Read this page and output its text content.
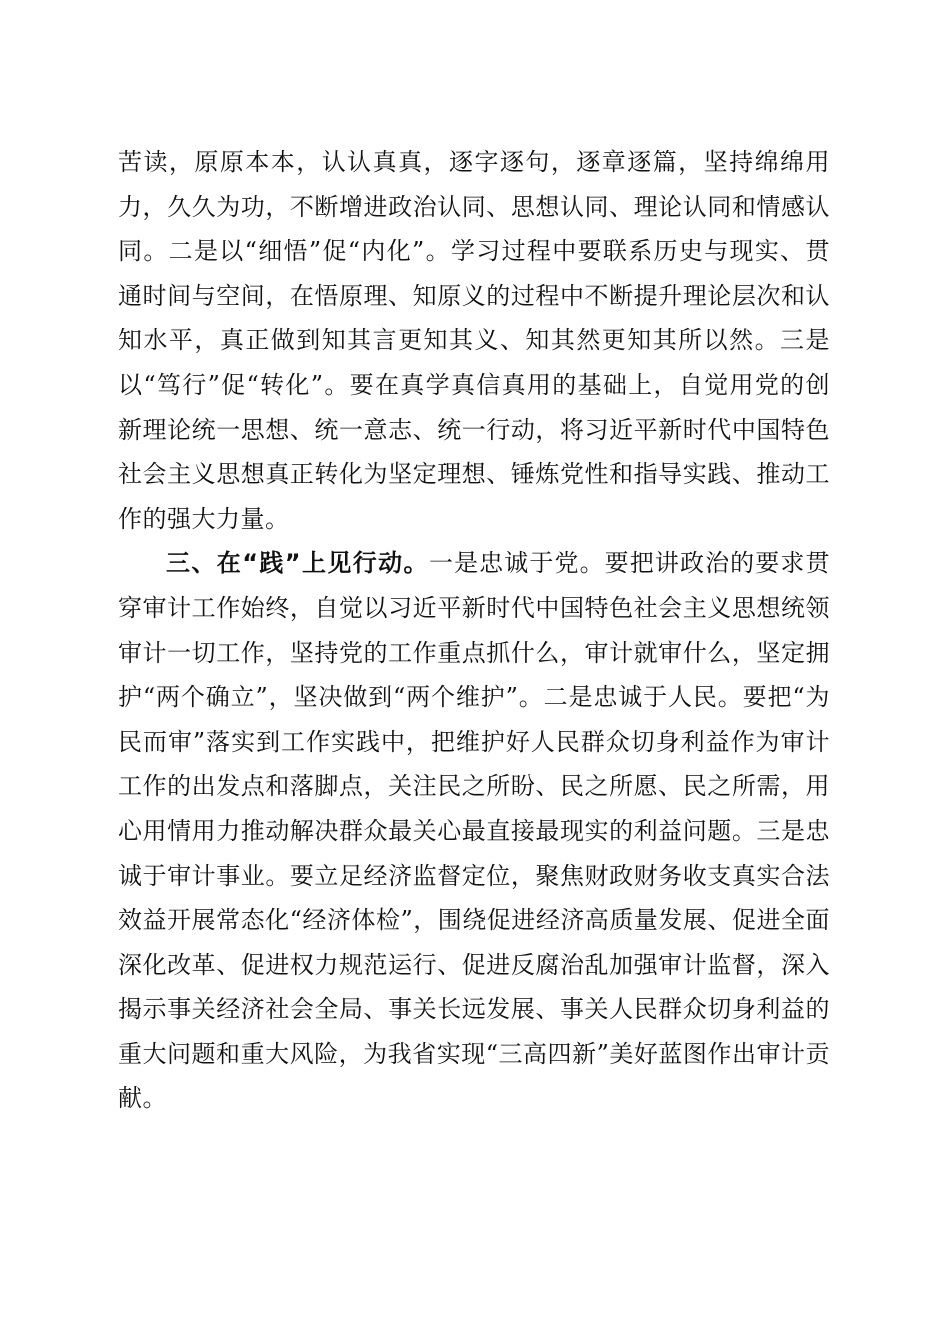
苦读，原原本本，认认真真，逐字逐句，逐章逐篇，坚持绵绵用力，久久为功，不断增进政治认同、思想认同、理论认同和情感认同。二是以“细悟”促“内化”。学习过程中要联系历史与现实、贯通时间与空间，在悟原理、知原义的过程中不断提升理论层次和认知水平，真正做到知其言更知其义、知其然更知其所以然。三是以“笃行”促“转化”。要在真学真信真用的基础上，自觉用党的创新理论统一思想、统一意志、统一行动，将习近平新时代中国特色社会主义思想真正转化为坚定理想、锤炼党性和指导实践、推动工作的强大力量。

三、在“践”上见行动。一是忠诚于党。要把讲政治的要求贯穿审计工作始终，自觉以习近平新时代中国特色社会主义思想统领审计一切工作，坚持党的工作重点抓什么，审计就审什么，坚定拥护“两个确立”，坚决做到“两个维护”。二是忠诚于人民。要把“为民而审”落实到工作实践中，把维护好人民群众切身利益作为审计工作的出发点和落脚点，关注民之所盼、民之所愿、民之所需，用心用情用力推动解决群众最关心最直接最现实的利益问题。三是忠诚于审计事业。要立足经济监督定位，聚焦财政财务收支真实合法效益开展常态化“经济体检”，围绕促进经济高质量发展、促进全面深化改革、促进权力规范运行、促进反腐治乱加强审计监督，深入揭示事关经济社会全局、事关长远发展、事关人民群众切身利益的重大问题和重大风险，为我省实现“三高四新”美好蓝图作出审计贡献。
